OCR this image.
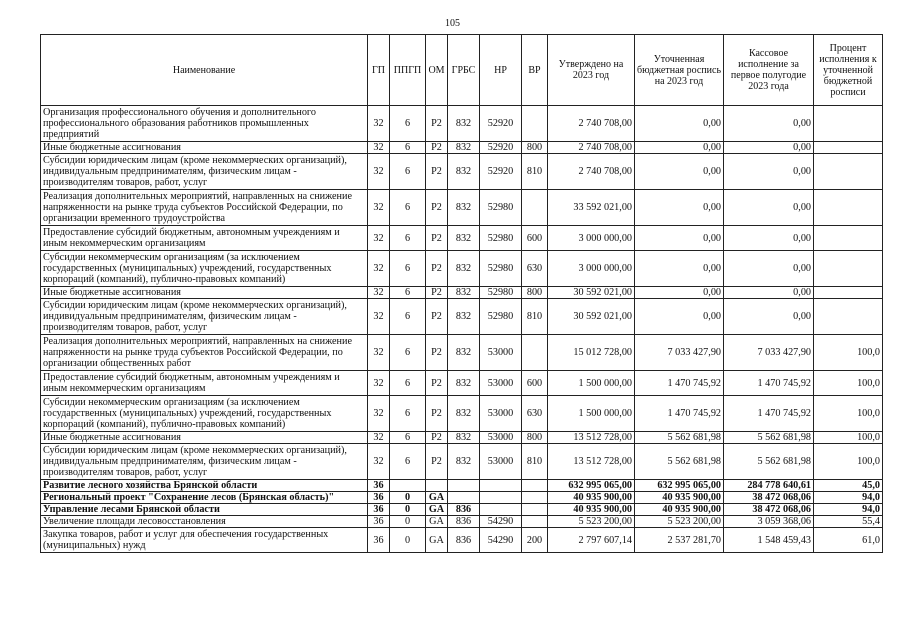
105
Наименование	ГП	ППГП	ОМ	ГРБС	НР	ВР	Утверждено на 2023 год	Уточненная бюджетная роспись на 2023 год	Кассовое исполнение за первое полугодие 2023 года	Процент исполнения к уточненной бюджетной росписи
Организация профессионального обучения и дополнительного профессионального образования работников промышленных предприятий	32	6	Р2	832	52920		2 740 708,00	0,00	0,00	
Иные бюджетные ассигнования	32	6	Р2	832	52920	800	2 740 708,00	0,00	0,00	
Субсидии юридическим лицам (кроме некоммерческих организаций), индивидуальным предпринимателям, физическим лицам - производителям товаров, работ, услуг	32	6	Р2	832	52920	810	2 740 708,00	0,00	0,00	
Реализация дополнительных мероприятий, направленных на снижение напряженности на рынке труда субъектов Российской Федерации, по организации временного трудоустройства	32	6	Р2	832	52980		33 592 021,00	0,00	0,00	
Предоставление субсидий бюджетным, автономным учреждениям и иным некоммерческим организациям	32	6	Р2	832	52980	600	3 000 000,00	0,00	0,00	
Субсидии некоммерческим организациям (за исключением государственных (муниципальных) учреждений, государственных корпораций (компаний), публично-правовых компаний)	32	6	Р2	832	52980	630	3 000 000,00	0,00	0,00	
Иные бюджетные ассигнования	32	6	Р2	832	52980	800	30 592 021,00	0,00	0,00	
Субсидии юридическим лицам (кроме некоммерческих организаций), индивидуальным предпринимателям, физическим лицам - производителям товаров, работ, услуг	32	6	Р2	832	52980	810	30 592 021,00	0,00	0,00	
Реализация дополнительных мероприятий, направленных на снижение напряженности на рынке труда субъектов Российской Федерации, по организации общественных работ	32	6	Р2	832	53000		15 012 728,00	7 033 427,90	7 033 427,90	100,0
Предоставление субсидий бюджетным, автономным учреждениям и иным некоммерческим организациям	32	6	Р2	832	53000	600	1 500 000,00	1 470 745,92	1 470 745,92	100,0
Субсидии некоммерческим организациям (за исключением государственных (муниципальных) учреждений, государственных корпораций (компаний), публично-правовых компаний)	32	6	Р2	832	53000	630	1 500 000,00	1 470 745,92	1 470 745,92	100,0
Иные бюджетные ассигнования	32	6	Р2	832	53000	800	13 512 728,00	5 562 681,98	5 562 681,98	100,0
Субсидии юридическим лицам (кроме некоммерческих организаций), индивидуальным предпринимателям, физическим лицам - производителям товаров, работ, услуг	32	6	Р2	832	53000	810	13 512 728,00	5 562 681,98	5 562 681,98	100,0
Развитие лесного хозяйства Брянской области	36						632 995 065,00	632 995 065,00	284 778 640,61	45,0
Региональный проект "Сохранение лесов (Брянская область)"	36	0	GA				40 935 900,00	40 935 900,00	38 472 068,06	94,0
Управление лесами Брянской области	36	0	GA	836			40 935 900,00	40 935 900,00	38 472 068,06	94,0
Увеличение площади лесовосстановления	36	0	GA	836	54290		5 523 200,00	5 523 200,00	3 059 368,06	55,4
Закупка товаров, работ и услуг для обеспечения государственных (муниципальных) нужд	36	0	GA	836	54290	200	2 797 607,14	2 537 281,70	1 548 459,43	61,0
